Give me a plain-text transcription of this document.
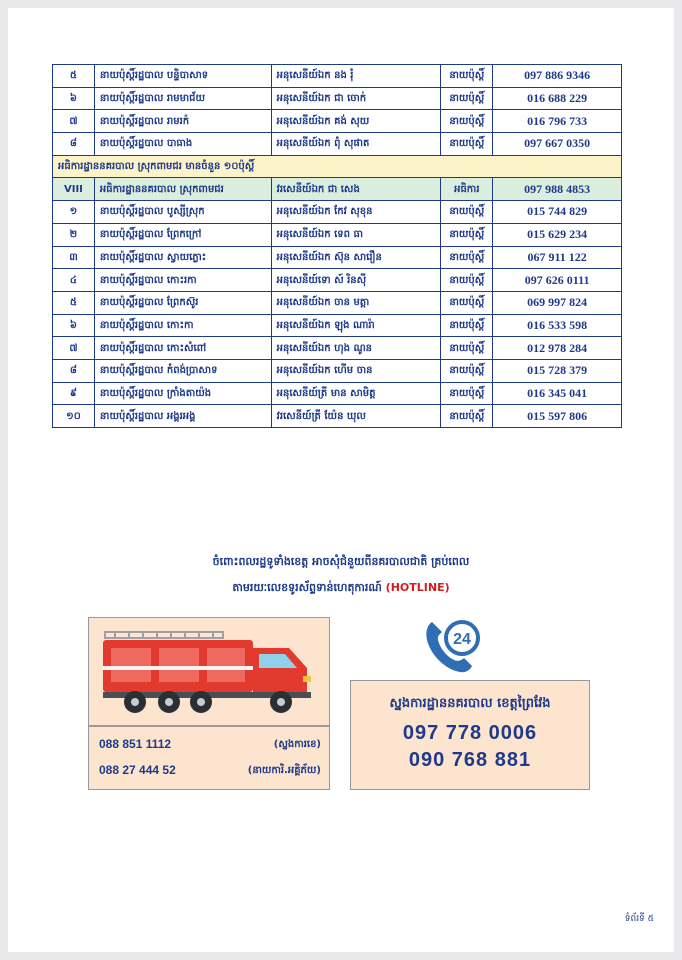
៥	នាយប៉ុស្តិ៍រដ្ឋបាល បន្ទិបាសាទ	អនុសេនីយ៍ឯក នង រុំ	នាយប៉ុស្តិ៍	097 886 9346
៦	នាយប៉ុស្តិ៍រដ្ឋបាល រាមមាជ័យ	អនុសេនីយ៍ឯក ជា ចោក់	នាយប៉ុស្តិ៍	016 688 229
៧	នាយប៉ុស្តិ៍រដ្ឋបាល រាមរក៉	អនុសេនីយ៍ឯក គង់ សុយ	នាយប៉ុស្តិ៍	016 796 733
៨	នាយប៉ុស្តិ៍រដ្ឋបាល បាធាង	អនុសេនីយ៍ឯក ពុំ សុផាត	នាយប៉ុស្តិ៍	097 667 0350
អធិការដ្ឋាននគរបាល ស្រុកពាមជរ មានចំនួន ១០ប៉ុស្តិ៍				
VIII	អធិការដ្ឋាននគរបាល ស្រុកពាមជរ	វរសេនីយ៍ឯក ជា សេង	អធិការ	097 988 4853
១	នាយប៉ុស្តិ៍រដ្ឋបាល បូស្សីស្រុក	អនុសេនីយ៍ឯក កែវ សុខុន	នាយប៉ុស្តិ៍	015 744 829
២	នាយប៉ុស្តិ៍រដ្ឋបាល ព្រែកក្រៅ	អនុសេនីយ៍ឯក ទេព ធា	នាយប៉ុស្តិ៍	015 629 234
៣	នាយប៉ុស្តិ៍រដ្ឋបាល ស្វាយភ្លោះ	អនុសេនីយ៍ឯក ស៊ុន សារឿន	នាយប៉ុស្តិ៍	067 911 122
៤	នាយប៉ុស្តិ៍រដ្ឋបាល កោះរកា	អនុសេនីយ៍ទោ ស៍ រិនស៊ី	នាយប៉ុស្តិ៍	097 626 0111
៥	នាយប៉ុស្តិ៍រដ្ឋបាល ព្រែកស៊ូរ	អនុសេនីយ៍ឯក ចាន មត្តា	នាយប៉ុស្តិ៍	069 997 824
៦	នាយប៉ុស្តិ៍រដ្ឋបាល កោះកា	អនុសេនីយ៍ឯក ឡុង ណារ៉ា	នាយប៉ុស្តិ៍	016 533 598
៧	នាយប៉ុស្តិ៍រដ្ឋបាល កោះសំពៅ	អនុសេនីយ៍ឯក ហុង ណូន	នាយប៉ុស្តិ៍	012 978 284
៨	នាយប៉ុស្តិ៍រដ្ឋបាល កំពង់ប្រាសាទ	អនុសេនីយ៍ឯក ហើម ចាន	នាយប៉ុស្តិ៍	015 728 379
៩	នាយប៉ុស្តិ៍រដ្ឋបាល ក្រាំងតាយ៉ង	អនុសេនីយ៍ត្រី មាន សាមិត្ត	នាយប៉ុស្តិ៍	016 345 041
១០	នាយប៉ុស្តិ៍រដ្ឋបាល អង្គរអង្គ	វរសេនីយ៍ត្រី យ៉ែន ឃុល	នាយប៉ុស្តិ៍	015 597 806
ចំពោះពលរដ្ឋទូទាំងខេត្ត អាចសុំជំនួយពីនគរបាលជាតិ គ្រប់ពេល
តាមរយៈលេខទូរស័ព្ទទាន់ហេតុការណ៍ (HOTLINE)
088 851 1112	(ស្នងការខេ)
088 27 444 52	(នាយការិ.អគ្គិភ័យ)
24
ស្នងការដ្ឋាននគរបាល ខេត្តព្រៃវែង
097 778 0006
090 768 881
ទំព័រទី ៥
